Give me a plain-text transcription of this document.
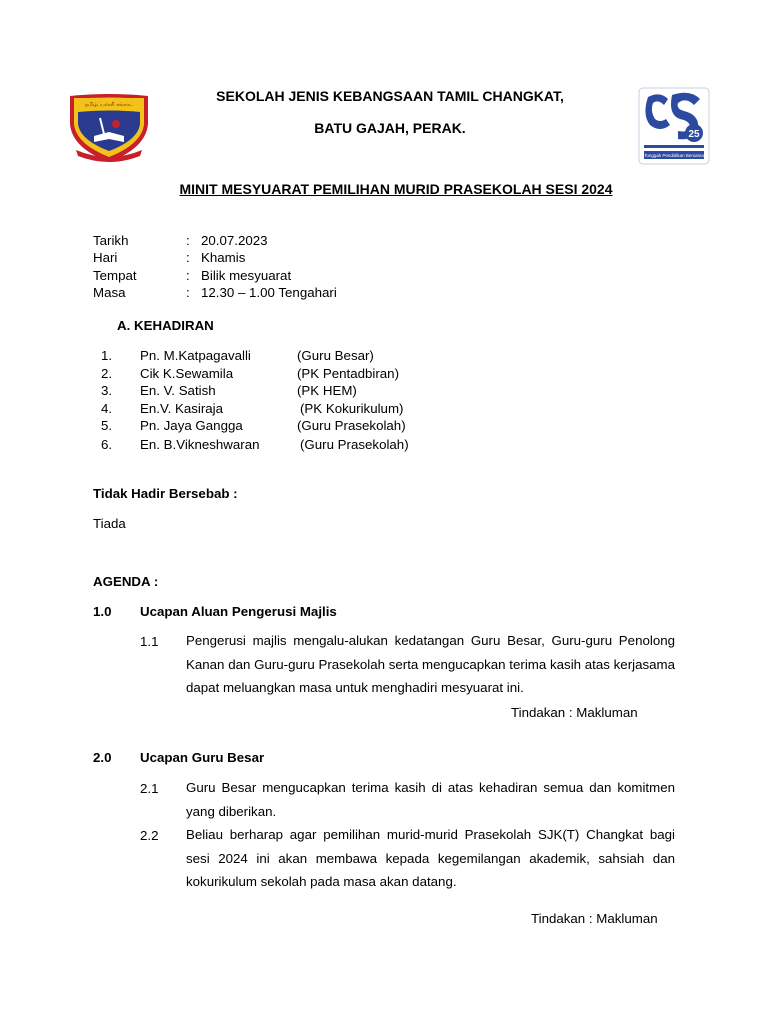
தமிழ்ப்பள்ளி சங்காட்
25
Tonggak Pendidikan Bersama
SEKOLAH JENIS KEBANGSAAN TAMIL CHANGKAT,
BATU GAJAH, PERAK.
MINIT MESYUARAT PEMILIHAN MURID PRASEKOLAH SESI 2024
Tarikh	: 20.07.2023
Hari	: Khamis
Tempat	: Bilik mesyuarat
Masa	: 12.30 – 1.00 Tengahari
A. KEHADIRAN
1. Pn. M.Katpagavalli	(Guru Besar)
2. Cik K.Sewamila	(PK Pentadbiran)
3. En. V. Satish	(PK HEM)
4. En.V. Kasiraja	(PK Kokurikulum)
5. Pn. Jaya Gangga	(Guru Prasekolah)
6. En. B.Vikneshwaran	(Guru Prasekolah)
Tidak Hadir Bersebab :
Tiada
AGENDA :
1.0 Ucapan Aluan Pengerusi Majlis
1.1 Pengerusi majlis mengalu-alukan kedatangan Guru Besar, Guru-guru Penolong Kanan dan Guru-guru Prasekolah serta mengucapkan terima kasih atas kerjasama dapat meluangkan masa untuk menghadiri mesyuarat ini.
Tindakan : Makluman
2.0 Ucapan Guru Besar
2.1 Guru Besar mengucapkan terima kasih di atas kehadiran semua dan komitmen yang diberikan.
2.2 Beliau berharap agar pemilihan murid-murid Prasekolah SJK(T) Changkat bagi sesi 2024 ini akan membawa kepada kegemilangan akademik, sahsiah dan kokurikulum sekolah pada masa akan datang.
Tindakan : Makluman
